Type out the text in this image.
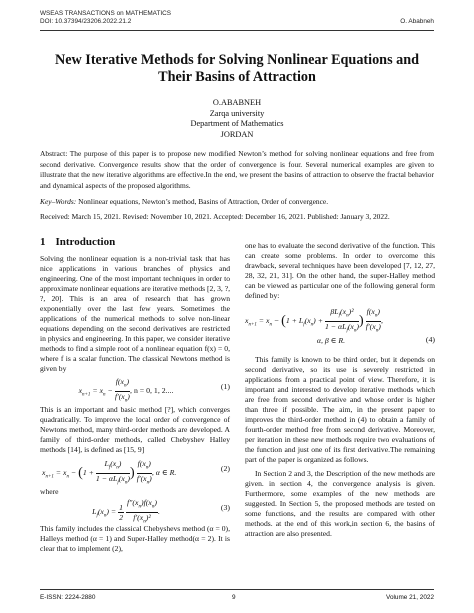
WSEAS TRANSACTIONS on MATHEMATICS
DOI: 10.37394/23206.2022.21.2	O. Ababneh
New Iterative Methods for Solving Nonlinear Equations and Their Basins of Attraction
O.ABABNEH
Zarqa university
Department of Mathematics
JORDAN
Abstract: The purpose of this paper is to propose new modified Newton’s method for solving nonlinear equations and free from second derivative. Convergence results show that the order of convergence is four. Several numerical examples are given to illustrate that the new iterative algorithms are effective.In the end, we present the basins of attraction to observe the fractal behavior and dynamical aspects of the proposed algorithms.
Key–Words: Nonlinear equations, Newton’s method, Basins of Attraction, Order of convergence.
Received: March 15, 2021. Revised: November 10, 2021. Accepted: December 16, 2021. Published: January 3, 2022.
1 Introduction

Solving the nonlinear equation is a non-trivial task that has nice applications in various branches of physics and engineering. One of the most important techniques in order to approximate nonlinear equations are iterative methods [2, 3, ?, ?, 20]. This is an area of research that has grown exponentially over the last few years. Sometimes the applications of the numerical methods to solve non-linear equations depending on the second derivatives are restricted in physics and engineering. In this paper, we consider iterative methods to find a simple root of a nonlinear equation f(x) = 0, where f is a scalar function. The classical Newtons method is given by

$x_{n+1} = x_n - \frac{f(x_n)}{f'(x_n)}$ , n = 0, 1, 2....	(1)

This is an important and basic method [?], which converges quadratically. To improve the local order of convergence of Newtons method, many third-order methods are developed. A family of third-order methods, called Chebyshev Halley methods [14], is defined as [15, 9]

$x_{n+1} = x_n - (1 + \frac{L_f(x_n)}{1 - \alpha L_f(x_n)}$ ) $\frac{f(x_n)}{f'(x_n)}$ , α ∈ R.	(2)

where

$L_f(x_n) = \frac{1}{2}$
$\frac{f''(x_n)f(x_n)}{f'(x_n)^2}$ .	(3)

This family includes the classical Chebyshevs method (α = 0), Halleys method (α = 1) and Super-Halley method(α = 2). It is clear that to implement (2),

one has to evaluate the second derivative of the function. This can create some problems. In order to overcome this drawback, several techniques have been developed [7, 12, 27, 28, 32, 21, 31]. On the other hand, the super-Halley method can be viewed as particular one of the following general form defined by:

$x_{n+1} = x_n - (1 + L_f(x_n) + \frac{\beta L_f(x_n)^2}{1 - \alpha L_f(x_n)}$ ) $\frac{f(x_n)}{f'(x_n)}$ ,
α, β ∈ R.	(4)

This family is known to be third order, but it depends on second derivative, so its use is severely restricted in applications from a practical point of view. Therefore, it is important and interested to develop iterative methods which are free from second derivative and whose order is higher than three if possible. The aim, in the present paper to improves the third-order method in (4) to obtain a family of fourth-order method free from second derivative. Moreover, per iteration in these new methods require two evaluations of the function and just one of its first derivative.The remaining part of the paper is organized as follows.

In Section 2 and 3, the Description of the new methods are given. in section 4, the convergence analysis is given. Furthermore, some examples of the new methods are suggested. In Section 5, the proposed methods are tested on some functions, and the results are compared with other methods. at the end of this work,in section 6, the basins of attraction are also presented.

E-ISSN: 2224-2880	9	Volume 21, 2022
